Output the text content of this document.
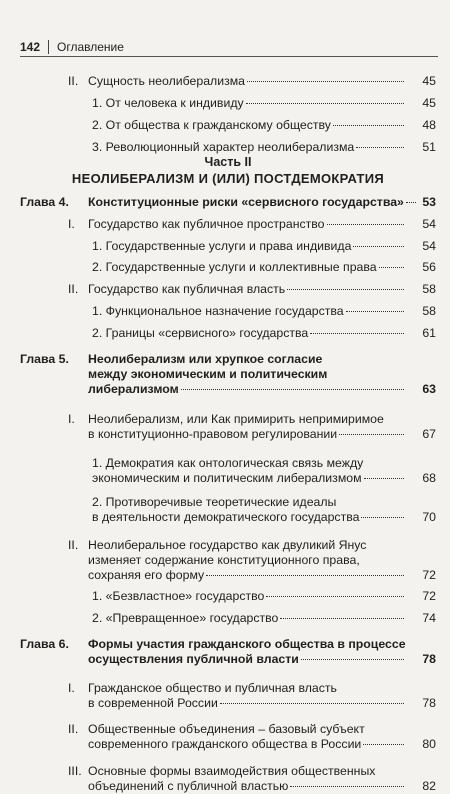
142 Оглавление
Часть II
НЕОЛИБЕРАЛИЗМ И (ИЛИ) ПОСТДЕМОКРАТИЯ
II. Сущность неолиберализма	45
1. От человека к индивиду	45
2. От общества к гражданскому обществу	48
3. Революционный характер неолиберализма	51
Глава 4. Конституционные риски «сервисного государства»	53
I. Государство как публичное пространство	54
1. Государственные услуги и права индивида	54
2. Государственные услуги и коллективные права	56
II. Государство как публичная власть	58
1. Функциональное назначение государства	58
2. Границы «сервисного» государства	61
Глава 5. Неолиберализм или хрупкое согласие
между экономическим и политическим
либерализмом	63
I. Неолиберализм, или Как примирить непримиримое
в конституционно-правовом регулировании	67
1. Демократия как онтологическая связь между
экономическим и политическим либерализмом	68
2. Противоречивые теоретические идеалы
в деятельности демократического государства	70
II. Неолиберальное государство как двуликий Янус
изменяет содержание конституционного права,
сохраняя его форму	72
1. «Безвластное» государство	72
2. «Превращенное» государство	74
Глава 6. Формы участия гражданского общества в процессе
осуществления публичной власти	78
I. Гражданское общество и публичная власть
в современной России	78
II. Общественные объединения – базовый субъект
современного гражданского общества в России	80
III. Основные формы взаимодействия общественных
объединений с публичной властью	82
